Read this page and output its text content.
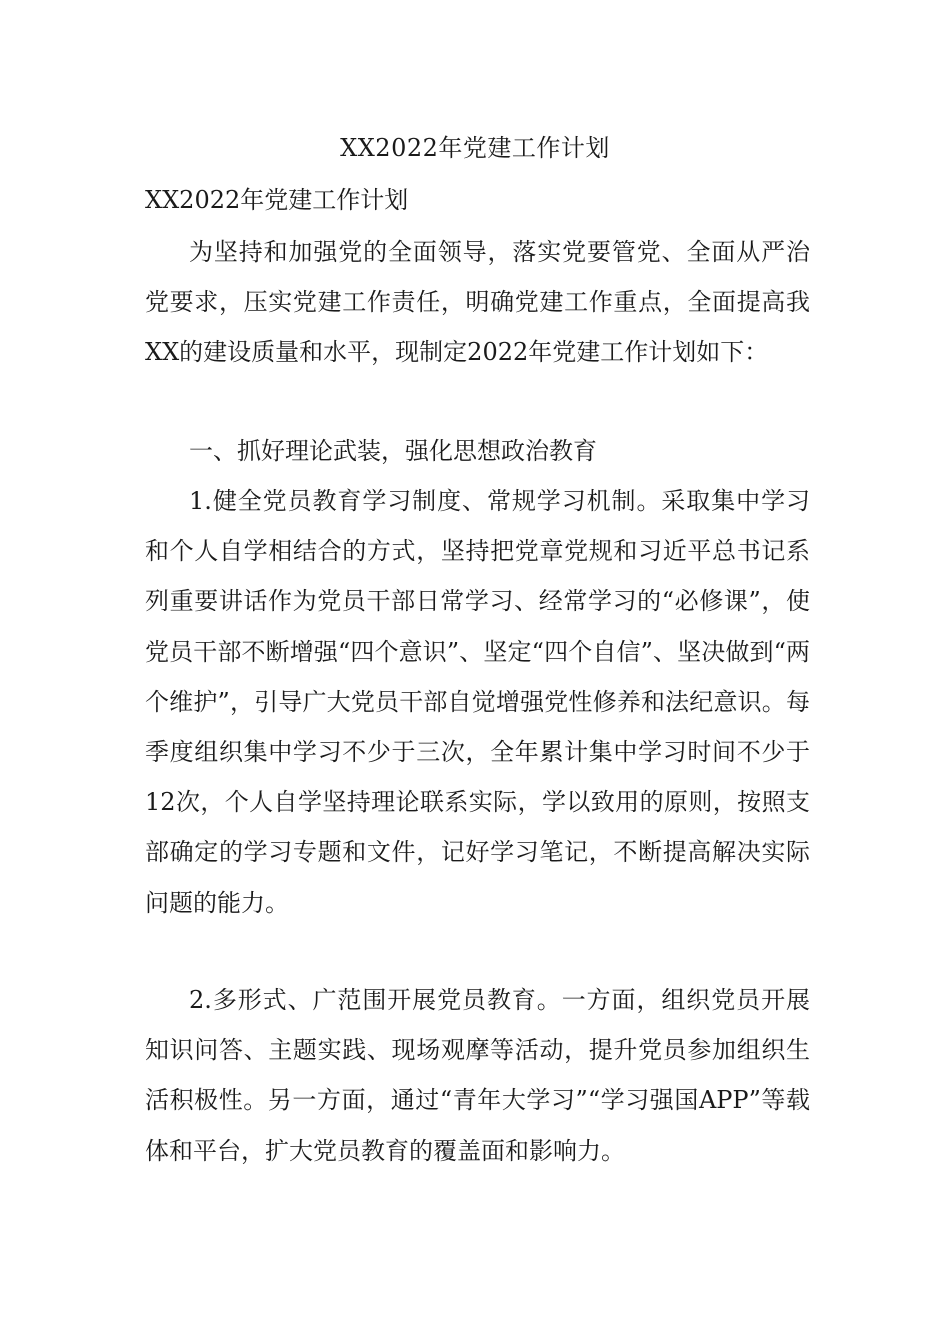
XX2022年党建工作计划
XX2022年党建工作计划

为坚持和加强党的全面领导，落实党要管党、全面从严治党要求，压实党建工作责任，明确党建工作重点，全面提高我XX的建设质量和水平，现制定2022年党建工作计划如下：

一、抓好理论武装，强化思想政治教育

1.健全党员教育学习制度、常规学习机制。采取集中学习和个人自学相结合的方式，坚持把党章党规和习近平总书记系列重要讲话作为党员干部日常学习、经常学习的“必修课”，使党员干部不断增强“四个意识”、坚定“四个自信”、坚决做到“两个维护”，引导广大党员干部自觉增强党性修养和法纪意识。每季度组织集中学习不少于三次，全年累计集中学习时间不少于12次，个人自学坚持理论联系实际，学以致用的原则，按照支部确定的学习专题和文件，记好学习笔记，不断提高解决实际问题的能力。

2.多形式、广范围开展党员教育。一方面，组织党员开展知识问答、主题实践、现场观摩等活动，提升党员参加组织生活积极性。另一方面，通过“青年大学习”“学习强国APP”等载体和平台，扩大党员教育的覆盖面和影响力。
